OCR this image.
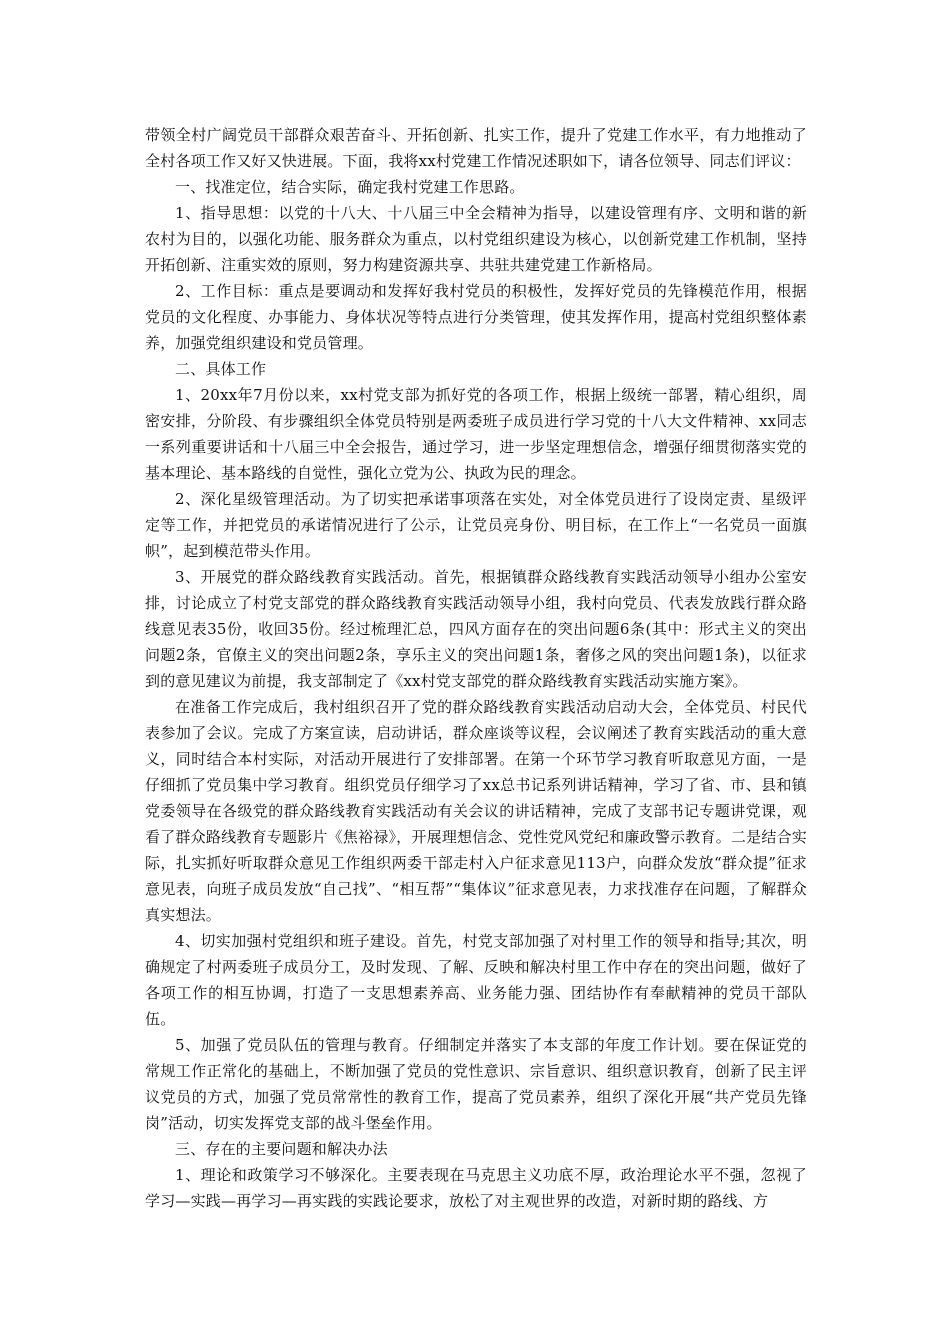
带领全村广阔党员干部群众艰苦奋斗、开拓创新、扎实工作，提升了党建工作水平，有力地推动了全村各项工作又好又快进展。下面，我将xx村党建工作情况述职如下，请各位领导、同志们评议：

一、找准定位，结合实际，确定我村党建工作思路。

1、指导思想：以党的十八大、十八届三中全会精神为指导，以建设管理有序、文明和谐的新农村为目的，以强化功能、服务群众为重点，以村党组织建设为核心，以创新党建工作机制，坚持开拓创新、注重实效的原则，努力构建资源共享、共驻共建党建工作新格局。

2、工作目标：重点是要调动和发挥好我村党员的积极性，发挥好党员的先锋模范作用，根据党员的文化程度、办事能力、身体状况等特点进行分类管理，使其发挥作用，提高村党组织整体素养，加强党组织建设和党员管理。

二、具体工作

1、20xx年7月份以来，xx村党支部为抓好党的各项工作，根据上级统一部署，精心组织，周密安排，分阶段、有步骤组织全体党员特别是两委班子成员进行学习党的十八大文件精神、xx同志一系列重要讲话和十八届三中全会报告，通过学习，进一步坚定理想信念，增强仔细贯彻落实党的基本理论、基本路线的自觉性，强化立党为公、执政为民的理念。

2、深化星级管理活动。为了切实把承诺事项落在实处，对全体党员进行了设岗定责、星级评定等工作，并把党员的承诺情况进行了公示，让党员亮身份、明目标，在工作上“一名党员一面旗帜”，起到模范带头作用。

3、开展党的群众路线教育实践活动。首先，根据镇群众路线教育实践活动领导小组办公室安排，讨论成立了村党支部党的群众路线教育实践活动领导小组，我村向党员、代表发放践行群众路线意见表35份，收回35份。经过梳理汇总，四风方面存在的突出问题6条(其中：形式主义的突出问题2条，官僚主义的突出问题2条，享乐主义的突出问题1条，奢侈之风的突出问题1条)，以征求到的意见建议为前提，我支部制定了《xx村党支部党的群众路线教育实践活动实施方案》。

在准备工作完成后，我村组织召开了党的群众路线教育实践活动启动大会，全体党员、村民代表参加了会议。完成了方案宣读，启动讲话，群众座谈等议程，会议阐述了教育实践活动的重大意义，同时结合本村实际，对活动开展进行了安排部署。在第一个环节学习教育听取意见方面，一是仔细抓了党员集中学习教育。组织党员仔细学习了xx总书记系列讲话精神，学习了省、市、县和镇党委领导在各级党的群众路线教育实践活动有关会议的讲话精神，完成了支部书记专题讲党课，观看了群众路线教育专题影片《焦裕禄》，开展理想信念、党性党风党纪和廉政警示教育。二是结合实际，扎实抓好听取群众意见工作组织两委干部走村入户征求意见113户，向群众发放“群众提”征求意见表，向班子成员发放“自己找”、“相互帮”“集体议”征求意见表，力求找准存在问题，了解群众真实想法。

4、切实加强村党组织和班子建设。首先，村党支部加强了对村里工作的领导和指导;其次，明确规定了村两委班子成员分工，及时发现、了解、反映和解决村里工作中存在的突出问题，做好了各项工作的相互协调，打造了一支思想素养高、业务能力强、团结协作有奉献精神的党员干部队伍。

5、加强了党员队伍的管理与教育。仔细制定并落实了本支部的年度工作计划。要在保证党的常规工作正常化的基础上，不断加强了党员的党性意识、宗旨意识、组织意识教育，创新了民主评议党员的方式，加强了党员常常性的教育工作，提高了党员素养，组织了深化开展“共产党员先锋岗”活动，切实发挥党支部的战斗堡垒作用。

三、存在的主要问题和解决办法

1、理论和政策学习不够深化。主要表现在马克思主义功底不厚，政治理论水平不强，忽视了学习—实践—再学习—再实践的实践论要求，放松了对主观世界的改造，对新时期的路线、方
